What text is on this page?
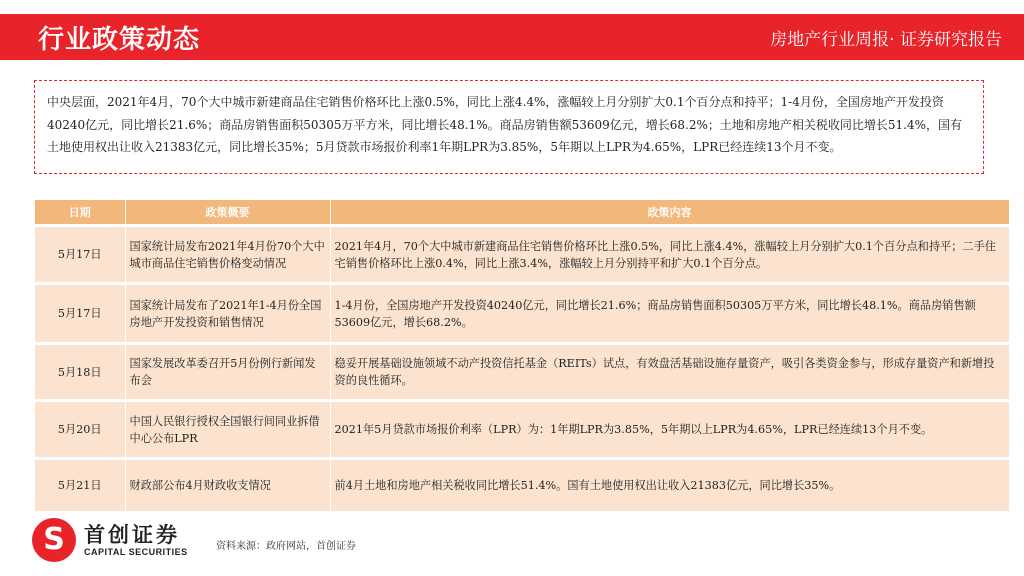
行业政策动态	房地产行业周报· 证券研究报告
中央层面，2021年4月，70个大中城市新建商品住宅销售价格环比上涨0.5%，同比上涨4.4%，涨幅较上月分别扩大0.1个百分点和持平；1-4月份，全国房地产开发投资40240亿元，同比增长21.6%；商品房销售面积50305万平方米，同比增长48.1%。商品房销售额53609亿元，增长68.2%；土地和房地产相关税收同比增长51.4%，国有土地使用权出让收入21383亿元，同比增长35%；5月贷款市场报价利率1年期LPR为3.85%，5年期以上LPR为4.65%，LPR已经连续13个月不变。
日期	政策概要	政策内容
5月17日	国家统计局发布2021年4月份70个大中城市商品住宅销售价格变动情况	2021年4月，70个大中城市新建商品住宅销售价格环比上涨0.5%，同比上涨4.4%，涨幅较上月分别扩大0.1个百分点和持平；二手住宅销售价格环比上涨0.4%，同比上涨3.4%，涨幅较上月分别持平和扩大0.1个百分点。
5月17日	国家统计局发布了2021年1-4月份全国房地产开发投资和销售情况	1-4月份，全国房地产开发投资40240亿元，同比增长21.6%；商品房销售面积50305万平方米，同比增长48.1%。商品房销售额53609亿元，增长68.2%。
5月18日	国家发展改革委召开5月份例行新闻发布会	稳妥开展基础设施领域不动产投资信托基金（REITs）试点，有效盘活基础设施存量资产，吸引各类资金参与，形成存量资产和新增投资的良性循环。
5月20日	中国人民银行授权全国银行间同业拆借中心公布LPR	2021年5月贷款市场报价利率（LPR）为：1年期LPR为3.85%，5年期以上LPR为4.65%，LPR已经连续13个月不变。
5月21日	财政部公布4月财政收支情况	前4月土地和房地产相关税收同比增长51.4%。国有土地使用权出让收入21383亿元，同比增长35%。
S 首创证券
CAPITAL SECURITIES	资料来源：政府网站，首创证券
